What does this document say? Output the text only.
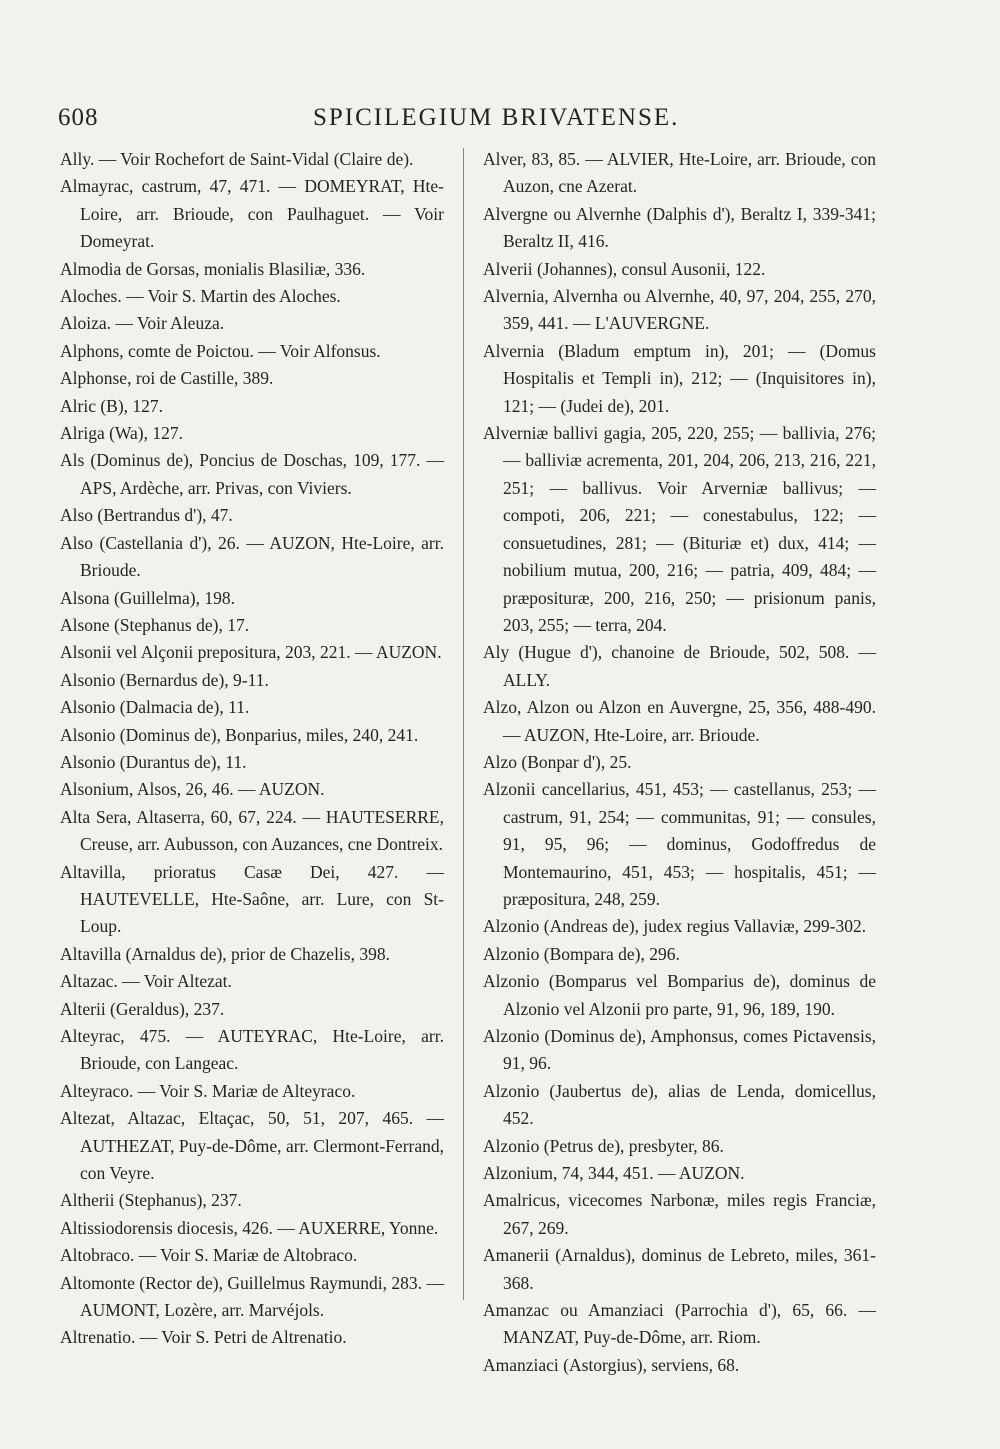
608	SPICILEGIUM BRIVATENSE.

Ally. — Voir Rochefort de Saint-Vidal (Claire de).

Almayrac, castrum, 47, 471. — DOMEYRAT, Hte-Loire, arr. Brioude, con Paulhaguet. — Voir Domeyrat.

Almodia de Gorsas, monialis Blasiliæ, 336.

Aloches. — Voir S. Martin des Aloches.

Aloiza. — Voir Aleuza.

Alphons, comte de Poictou. — Voir Alfonsus.

Alphonse, roi de Castille, 389.

Alric (B), 127.

Alriga (Wa), 127.

Als (Dominus de), Poncius de Doschas, 109, 177. — APS, Ardèche, arr. Privas, con Viviers.

Also (Bertrandus d'), 47.

Also (Castellania d'), 26. — AUZON, Hte-Loire, arr. Brioude.

Alsona (Guillelma), 198.

Alsone (Stephanus de), 17.

Alsonii vel Alçonii prepositura, 203, 221. — AUZON.

Alsonio (Bernardus de), 9-11.

Alsonio (Dalmacia de), 11.

Alsonio (Dominus de), Bonparius, miles, 240, 241.

Alsonio (Durantus de), 11.

Alsonium, Alsos, 26, 46. — AUZON.

Alta Sera, Altaserra, 60, 67, 224. — HAUTESERRE, Creuse, arr. Aubusson, con Auzances, cne Dontreix.

Altavilla, prioratus Casæ Dei, 427. — HAUTEVELLE, Hte-Saône, arr. Lure, con St-Loup.

Altavilla (Arnaldus de), prior de Chazelis, 398.

Altazac. — Voir Altezat.

Alterii (Geraldus), 237.

Alteyrac, 475. — AUTEYRAC, Hte-Loire, arr. Brioude, con Langeac.

Alteyraco. — Voir S. Mariæ de Alteyraco.

Altezat, Altazac, Eltaçac, 50, 51, 207, 465. — AUTHEZAT, Puy-de-Dôme, arr. Clermont-Ferrand, con Veyre.

Altherii (Stephanus), 237.

Altissiodorensis diocesis, 426. — AUXERRE, Yonne.

Altobraco. — Voir S. Mariæ de Altobraco.

Altomonte (Rector de), Guillelmus Raymundi, 283. — AUMONT, Lozère, arr. Marvéjols.

Altrenatio. — Voir S. Petri de Altrenatio.

Alver, 83, 85. — ALVIER, Hte-Loire, arr. Brioude, con Auzon, cne Azerat.

Alvergne ou Alvernhe (Dalphis d'), Beraltz I, 339-341; Beraltz II, 416.

Alverii (Johannes), consul Ausonii, 122.

Alvernia, Alvernha ou Alvernhe, 40, 97, 204, 255, 270, 359, 441. — L'AUVERGNE.

Alvernia (Bladum emptum in), 201; — (Domus Hospitalis et Templi in), 212; — (Inquisitores in), 121; — (Judei de), 201.

Alverniæ ballivi gagia, 205, 220, 255; — ballivia, 276; — balliviæ acrementa, 201, 204, 206, 213, 216, 221, 251; — ballivus. Voir Arverniæ ballivus; — compoti, 206, 221; — conestabulus, 122; — consuetudines, 281; — (Bituriæ et) dux, 414; — nobilium mutua, 200, 216; — patria, 409, 484; — præposituræ, 200, 216, 250; — prisionum panis, 203, 255; — terra, 204.

Aly (Hugue d'), chanoine de Brioude, 502, 508. — ALLY.

Alzo, Alzon ou Alzon en Auvergne, 25, 356, 488-490. — AUZON, Hte-Loire, arr. Brioude.

Alzo (Bonpar d'), 25.

Alzonii cancellarius, 451, 453; — castellanus, 253; — castrum, 91, 254; — communitas, 91; — consules, 91, 95, 96; — dominus, Godoffredus de Montemaurino, 451, 453; — hospitalis, 451; — præpositura, 248, 259.

Alzonio (Andreas de), judex regius Vallaviæ, 299-302.

Alzonio (Bompara de), 296.

Alzonio (Bomparus vel Bomparius de), dominus de Alzonio vel Alzonii pro parte, 91, 96, 189, 190.

Alzonio (Dominus de), Amphonsus, comes Pictavensis, 91, 96.

Alzonio (Jaubertus de), alias de Lenda, domicellus, 452.

Alzonio (Petrus de), presbyter, 86.

Alzonium, 74, 344, 451. — AUZON.

Amalricus, vicecomes Narbonæ, miles regis Franciæ, 267, 269.

Amanerii (Arnaldus), dominus de Lebreto, miles, 361-368.

Amanzac ou Amanziaci (Parrochia d'), 65, 66. — MANZAT, Puy-de-Dôme, arr. Riom.

Amanziaci (Astorgius), serviens, 68.
